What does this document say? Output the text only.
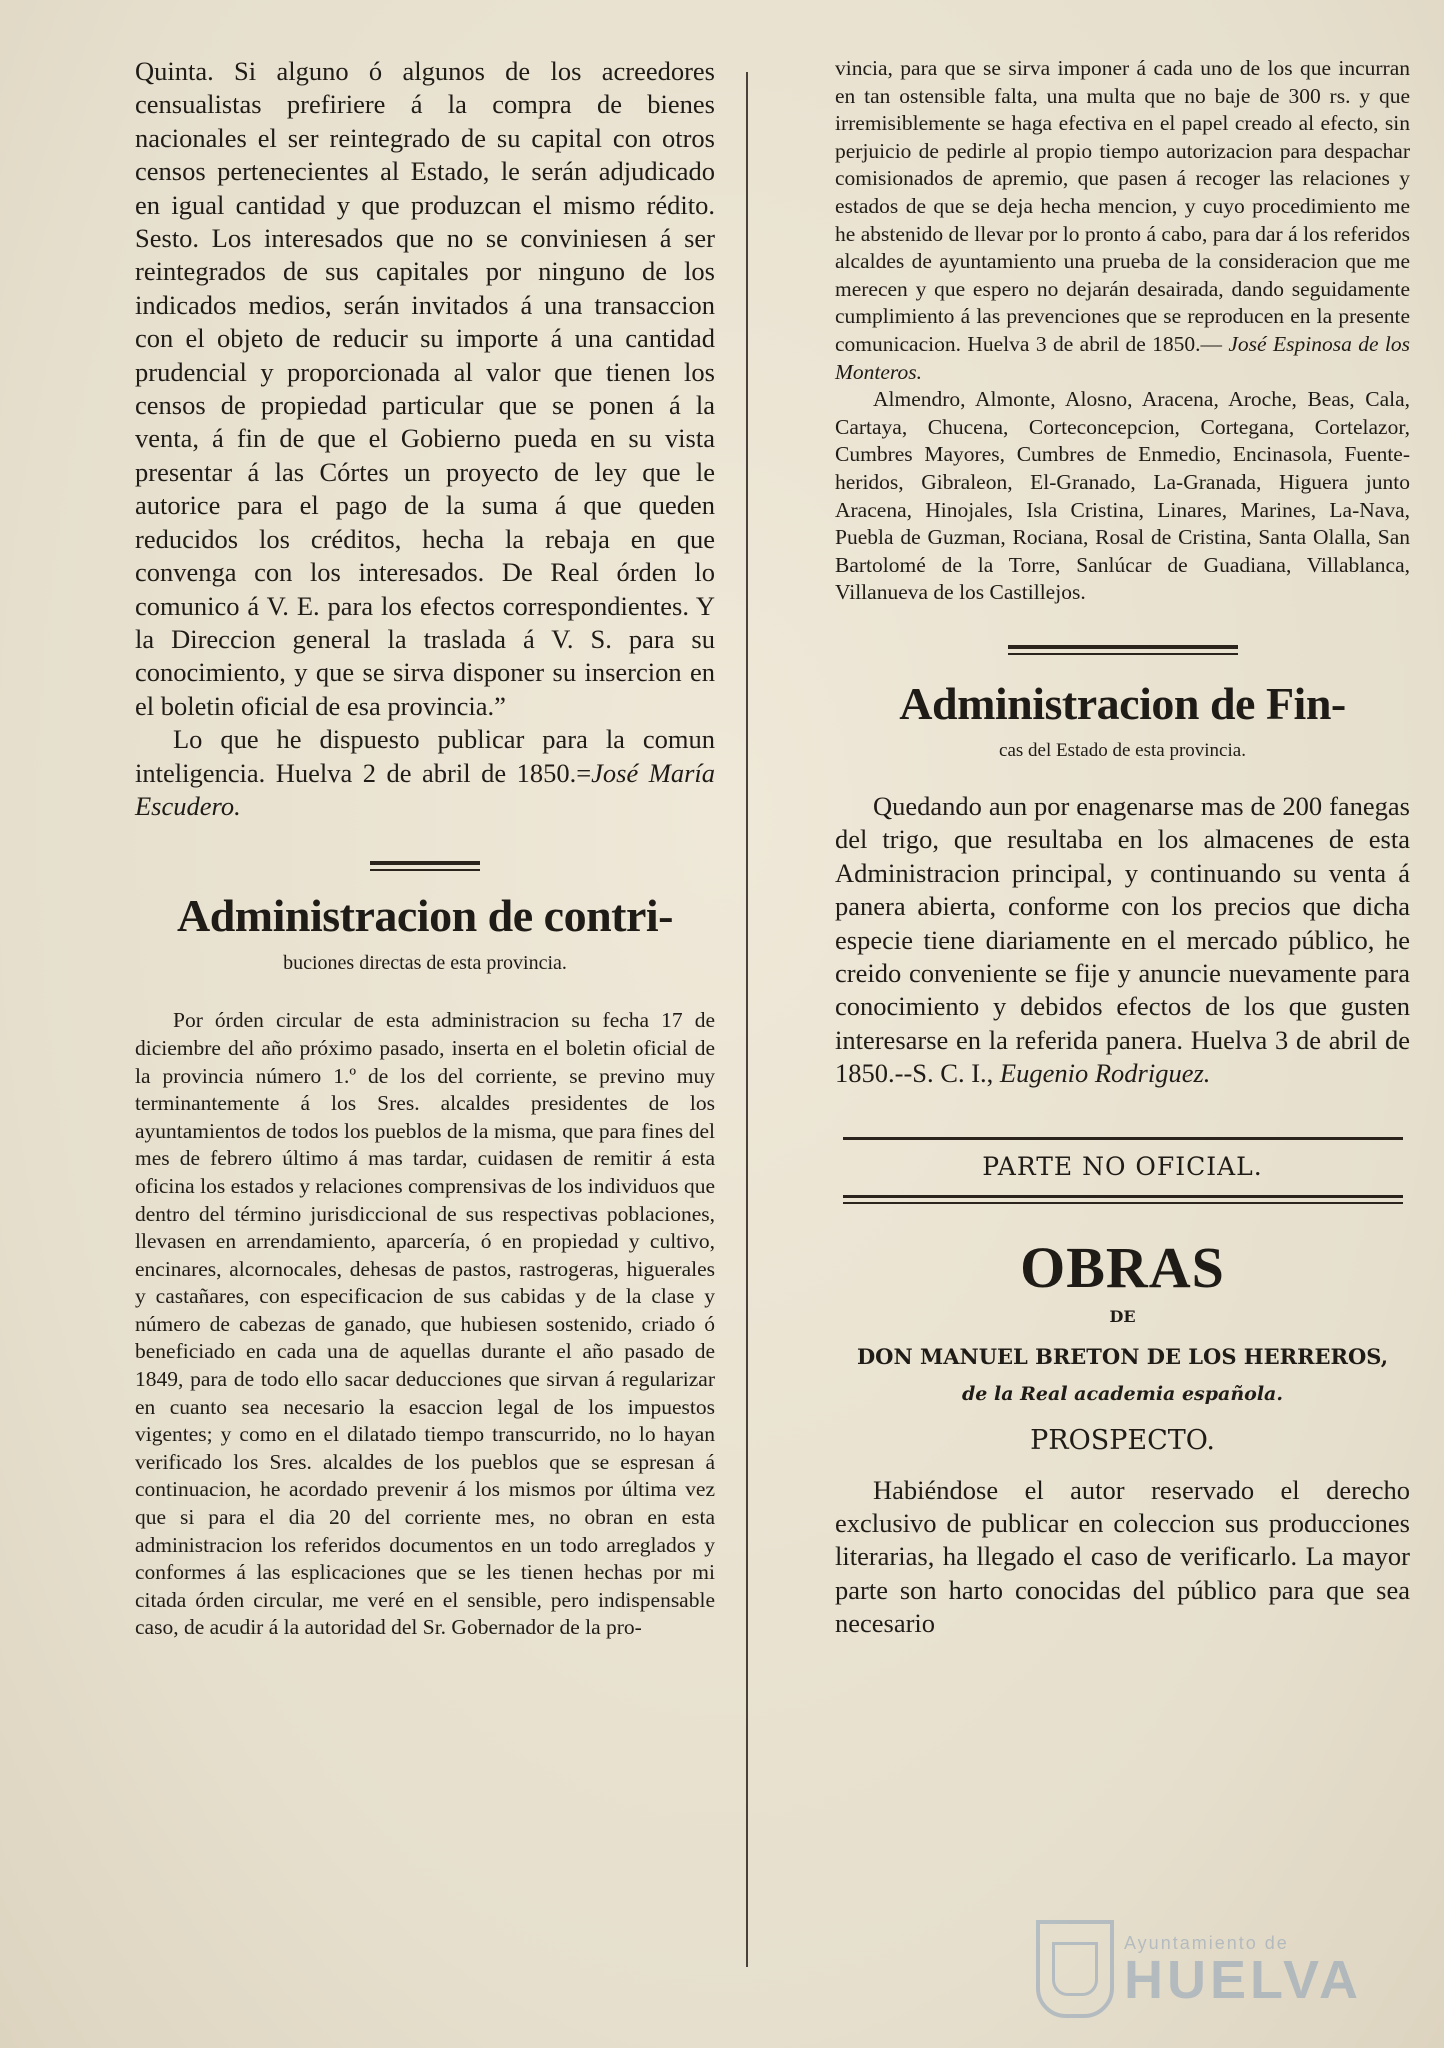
Quinta. Si alguno ó algunos de los acreedores censualistas prefiriere á la compra de bienes nacionales el ser reintegrado de su capital con otros censos pertenecientes al Estado, le serán adjudicado en igual cantidad y que produzcan el mismo rédito. Sesto. Los interesados que no se conviniesen á ser reintegrados de sus capitales por ninguno de los indicados medios, serán invitados á una transaccion con el objeto de reducir su importe á una cantidad prudencial y proporcionada al valor que tienen los censos de propiedad particular que se ponen á la venta, á fin de que el Gobierno pueda en su vista presentar á las Córtes un proyecto de ley que le autorice para el pago de la suma á que queden reducidos los créditos, hecha la rebaja en que convenga con los interesados. De Real órden lo comunico á V. E. para los efectos correspondientes. Y la Direccion general la traslada á V. S. para su conocimiento, y que se sirva disponer su insercion en el boletin oficial de esa provincia.”

Lo que he dispuesto publicar para la comun inteligencia. Huelva 2 de abril de 1850.=José María Escudero.

Administracion de contri-

buciones directas de esta provincia.

Por órden circular de esta administracion su fecha 17 de diciembre del año próximo pasado, inserta en el boletin oficial de la provincia número 1.º de los del corriente, se previno muy terminantemente á los Sres. alcaldes presidentes de los ayuntamientos de todos los pueblos de la misma, que para fines del mes de febrero último á mas tardar, cuidasen de remitir á esta oficina los estados y relaciones comprensivas de los individuos que dentro del término jurisdiccional de sus respectivas poblaciones, llevasen en arrendamiento, aparcería, ó en propiedad y cultivo, encinares, alcornocales, dehesas de pastos, rastrogeras, higuerales y castañares, con especificacion de sus cabidas y de la clase y número de cabezas de ganado, que hubiesen sostenido, criado ó beneficiado en cada una de aquellas durante el año pasado de 1849, para de todo ello sacar deducciones que sirvan á regularizar en cuanto sea necesario la esaccion legal de los impuestos vigentes; y como en el dilatado tiempo transcurrido, no lo hayan verificado los Sres. alcaldes de los pueblos que se espresan á continuacion, he acordado prevenir á los mismos por última vez que si para el dia 20 del corriente mes, no obran en esta administracion los referidos documentos en un todo arreglados y conformes á las esplicaciones que se les tienen hechas por mi citada órden circular, me veré en el sensible, pero indispensable caso, de acudir á la autoridad del Sr. Gobernador de la pro-

vincia, para que se sirva imponer á cada uno de los que incurran en tan ostensible falta, una multa que no baje de 300 rs. y que irremisiblemente se haga efectiva en el papel creado al efecto, sin perjuicio de pedirle al propio tiempo autorizacion para despachar comisionados de apremio, que pasen á recoger las relaciones y estados de que se deja hecha mencion, y cuyo procedimiento me he abstenido de llevar por lo pronto á cabo, para dar á los referidos alcaldes de ayuntamiento una prueba de la consideracion que me merecen y que espero no dejarán desairada, dando seguidamente cumplimiento á las prevenciones que se reproducen en la presente comunicacion. Huelva 3 de abril de 1850.— José Espinosa de los Monteros.

Almendro, Almonte, Alosno, Aracena, Aroche, Beas, Cala, Cartaya, Chucena, Corteconcepcion, Cortegana, Cortelazor, Cumbres Mayores, Cumbres de Enmedio, Encinasola, Fuente-heridos, Gibraleon, El-Granado, La-Granada, Higuera junto Aracena, Hinojales, Isla Cristina, Linares, Marines, La-Nava, Puebla de Guzman, Rociana, Rosal de Cristina, Santa Olalla, San Bartolomé de la Torre, Sanlúcar de Guadiana, Villablanca, Villanueva de los Castillejos.

Administracion de Fin-

cas del Estado de esta provincia.

Quedando aun por enagenarse mas de 200 fanegas del trigo, que resultaba en los almacenes de esta Administracion principal, y continuando su venta á panera abierta, conforme con los precios que dicha especie tiene diariamente en el mercado público, he creido conveniente se fije y anuncie nuevamente para conocimiento y debidos efectos de los que gusten interesarse en la referida panera. Huelva 3 de abril de 1850.--S. C. I., Eugenio Rodriguez.

PARTE NO OFICIAL.

OBRAS

DE

DON MANUEL BRETON DE LOS HERREROS,

de la Real academia española.

PROSPECTO.

Habiéndose el autor reservado el derecho exclusivo de publicar en coleccion sus producciones literarias, ha llegado el caso de verificarlo. La mayor parte son harto conocidas del público para que sea necesario

Ayuntamiento de
HUELVA
